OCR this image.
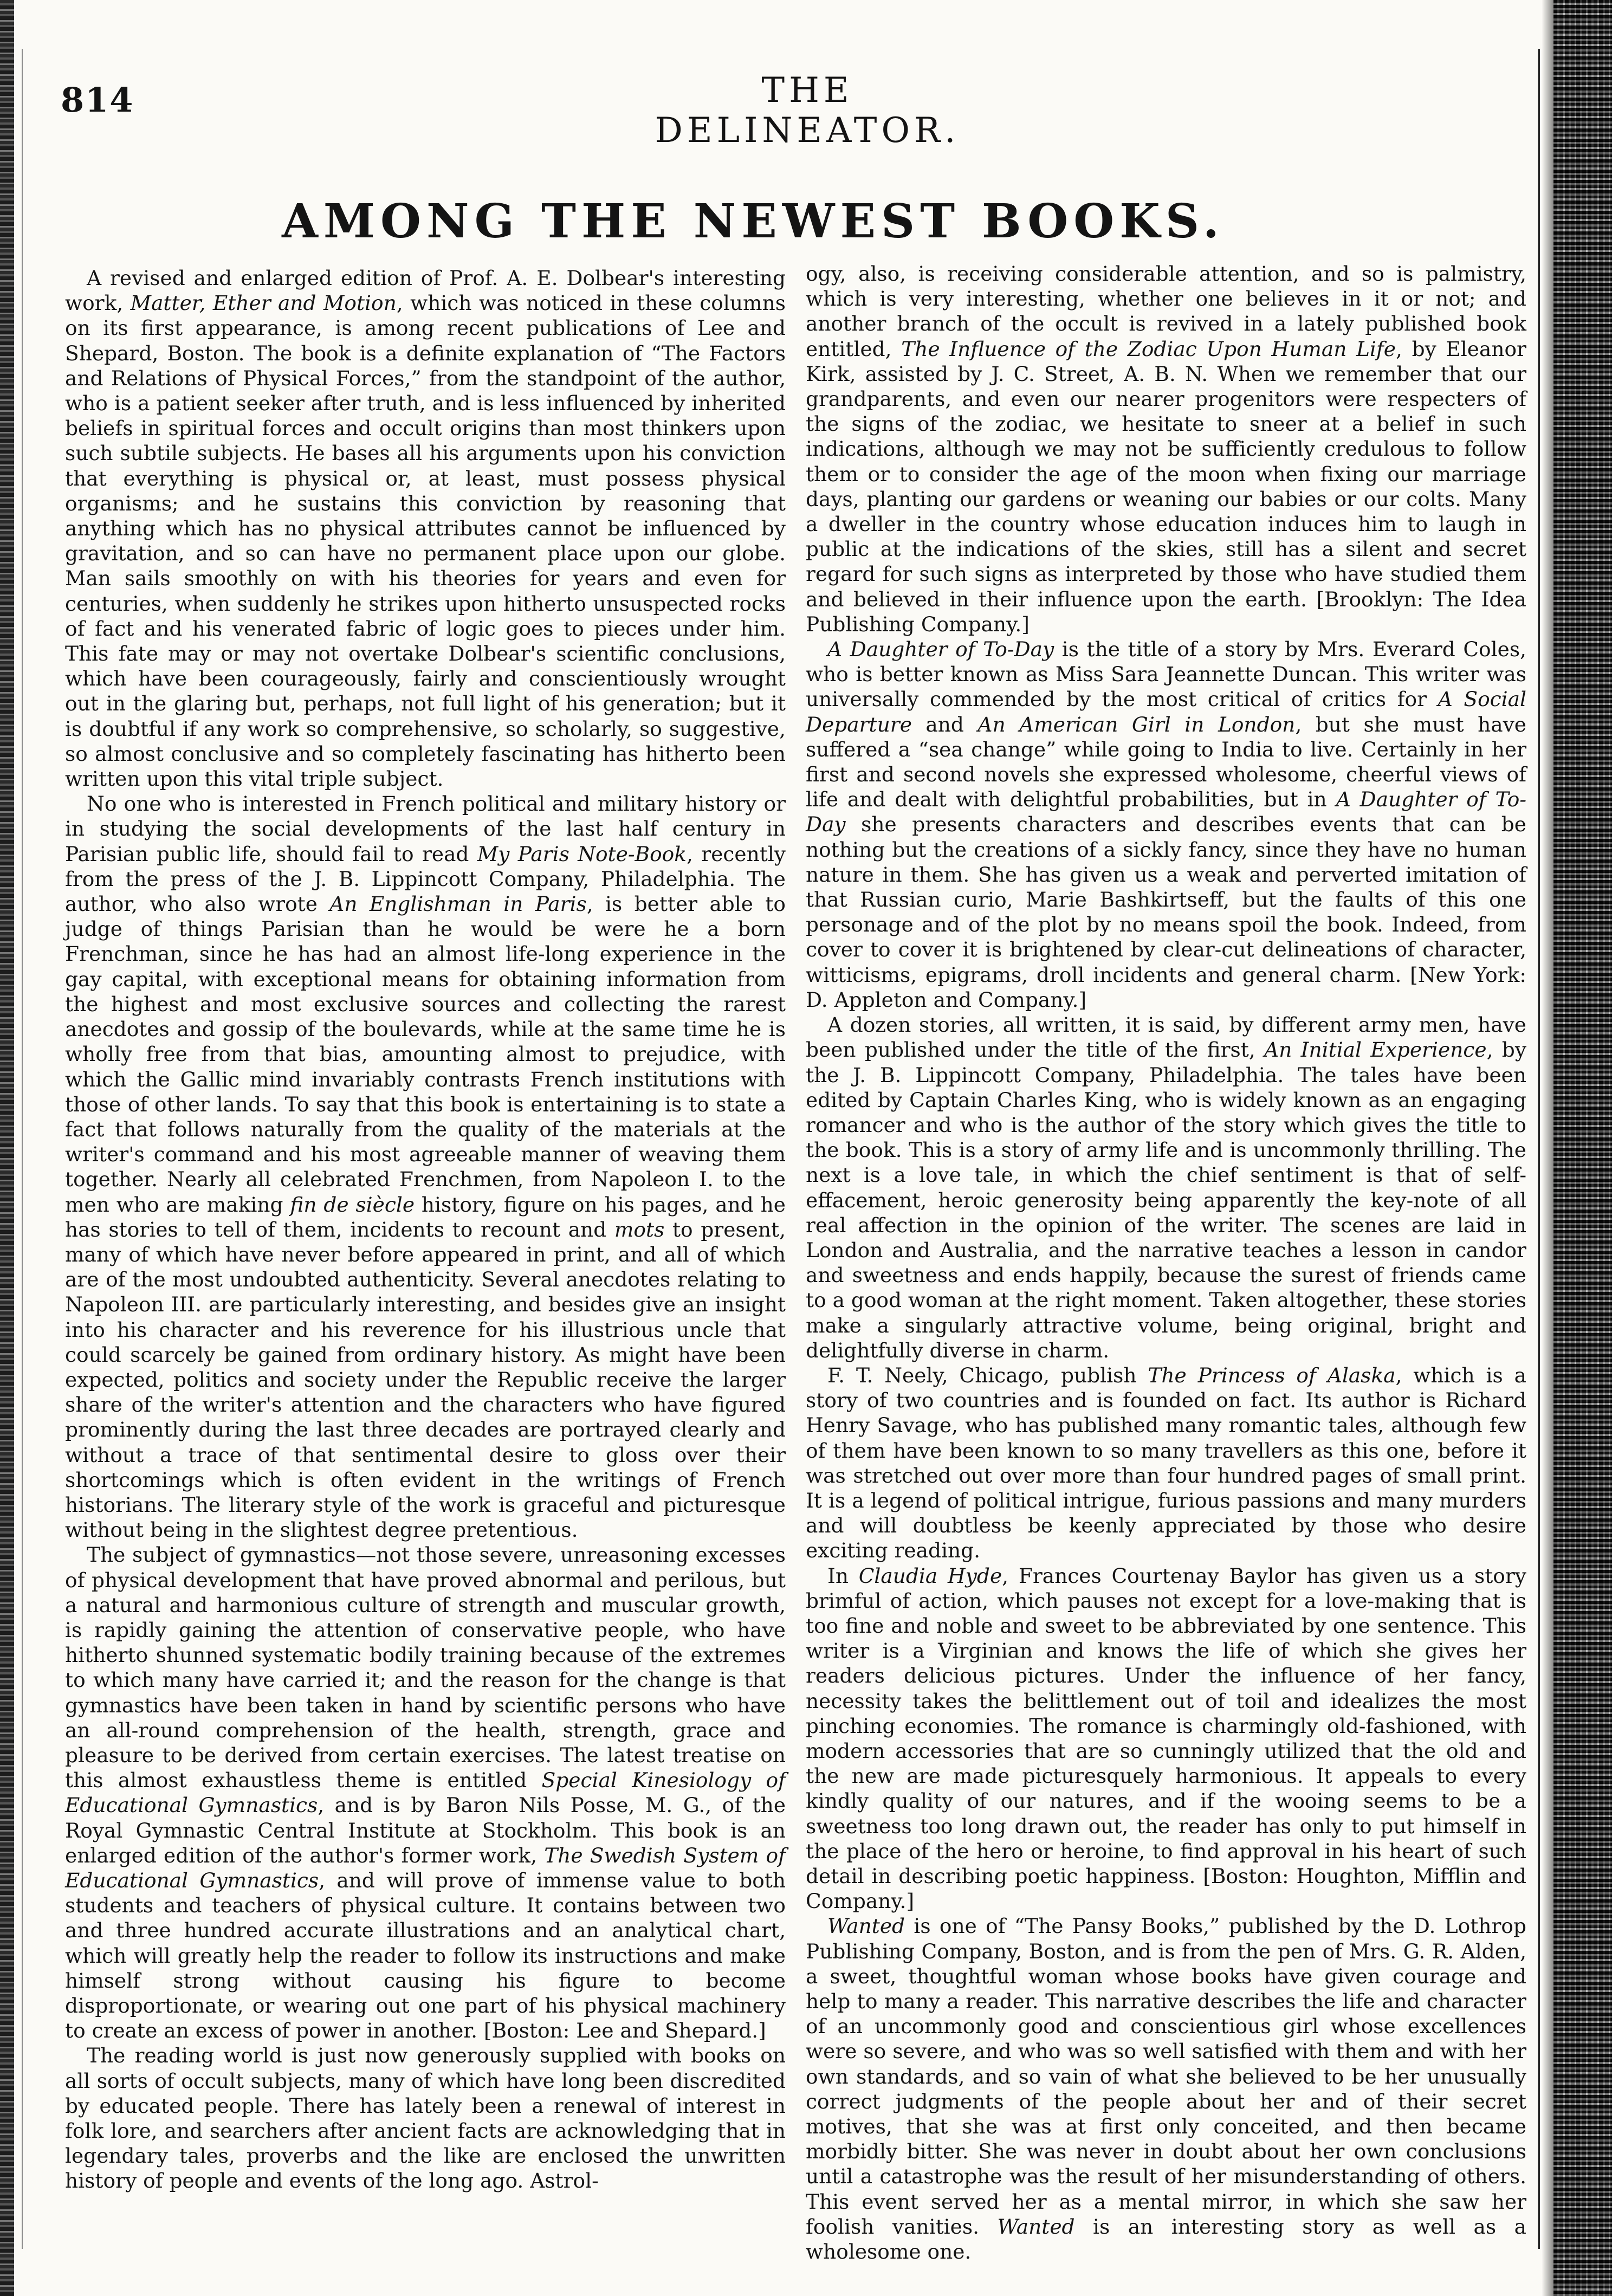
814	THE DELINEATOR.
AMONG THE NEWEST BOOKS.

A revised and enlarged edition of Prof. A. E. Dolbear's interesting work, Matter, Ether and Motion, which was noticed in these columns on its first appearance, is among recent publications of Lee and Shepard, Boston. The book is a definite explanation of “The Factors and Relations of Physical Forces,” from the standpoint of the author, who is a patient seeker after truth, and is less influenced by inherited beliefs in spiritual forces and occult origins than most thinkers upon such subtile subjects. He bases all his arguments upon his conviction that everything is physical or, at least, must possess physical organisms; and he sustains this conviction by reasoning that anything which has no physical attributes cannot be influenced by gravitation, and so can have no permanent place upon our globe. Man sails smoothly on with his theories for years and even for centuries, when suddenly he strikes upon hitherto unsuspected rocks of fact and his venerated fabric of logic goes to pieces under him. This fate may or may not overtake Dolbear's scientific conclusions, which have been courageously, fairly and conscientiously wrought out in the glaring but, perhaps, not full light of his generation; but it is doubtful if any work so comprehensive, so scholarly, so suggestive, so almost conclusive and so completely fascinating has hitherto been written upon this vital triple subject.

No one who is interested in French political and military history or in studying the social developments of the last half century in Parisian public life, should fail to read My Paris Note-Book, recently from the press of the J. B. Lippincott Company, Philadelphia. The author, who also wrote An Englishman in Paris, is better able to judge of things Parisian than he would be were he a born Frenchman, since he has had an almost life-long experience in the gay capital, with exceptional means for obtaining information from the highest and most exclusive sources and collecting the rarest anecdotes and gossip of the boulevards, while at the same time he is wholly free from that bias, amounting almost to prejudice, with which the Gallic mind invariably contrasts French institutions with those of other lands. To say that this book is entertaining is to state a fact that follows naturally from the quality of the materials at the writer's command and his most agreeable manner of weaving them together. Nearly all celebrated Frenchmen, from Napoleon I. to the men who are making fin de siècle history, figure on his pages, and he has stories to tell of them, incidents to recount and mots to present, many of which have never before appeared in print, and all of which are of the most undoubted authenticity. Several anecdotes relating to Napoleon III. are particularly interesting, and besides give an insight into his character and his reverence for his illustrious uncle that could scarcely be gained from ordinary history. As might have been expected, politics and society under the Republic receive the larger share of the writer's attention and the characters who have figured prominently during the last three decades are portrayed clearly and without a trace of that sentimental desire to gloss over their shortcomings which is often evident in the writings of French historians. The literary style of the work is graceful and picturesque without being in the slightest degree pretentious.

The subject of gymnastics—not those severe, unreasoning excesses of physical development that have proved abnormal and perilous, but a natural and harmonious culture of strength and muscular growth, is rapidly gaining the attention of conservative people, who have hitherto shunned systematic bodily training because of the extremes to which many have carried it; and the reason for the change is that gymnastics have been taken in hand by scientific persons who have an all-round comprehension of the health, strength, grace and pleasure to be derived from certain exercises. The latest treatise on this almost exhaustless theme is entitled Special Kinesiology of Educational Gymnastics, and is by Baron Nils Posse, M. G., of the Royal Gymnastic Central Institute at Stockholm. This book is an enlarged edition of the author's former work, The Swedish System of Educational Gymnastics, and will prove of immense value to both students and teachers of physical culture. It contains between two and three hundred accurate illustrations and an analytical chart, which will greatly help the reader to follow its instructions and make himself strong without causing his figure to become disproportionate, or wearing out one part of his physical machinery to create an excess of power in another. [Boston: Lee and Shepard.]

The reading world is just now generously supplied with books on all sorts of occult subjects, many of which have long been discredited by educated people. There has lately been a renewal of interest in folk lore, and searchers after ancient facts are acknowledging that in legendary tales, proverbs and the like are enclosed the unwritten history of people and events of the long ago. Astrol-

ogy, also, is receiving considerable attention, and so is palmistry, which is very interesting, whether one believes in it or not; and another branch of the occult is revived in a lately published book entitled, The Influence of the Zodiac Upon Human Life, by Eleanor Kirk, assisted by J. C. Street, A. B. N. When we remember that our grandparents, and even our nearer progenitors were respecters of the signs of the zodiac, we hesitate to sneer at a belief in such indications, although we may not be sufficiently credulous to follow them or to consider the age of the moon when fixing our marriage days, planting our gardens or weaning our babies or our colts. Many a dweller in the country whose education induces him to laugh in public at the indications of the skies, still has a silent and secret regard for such signs as interpreted by those who have studied them and believed in their influence upon the earth. [Brooklyn: The Idea Publishing Company.]

A Daughter of To-Day is the title of a story by Mrs. Everard Coles, who is better known as Miss Sara Jeannette Duncan. This writer was universally commended by the most critical of critics for A Social Departure and An American Girl in London, but she must have suffered a “sea change” while going to India to live. Certainly in her first and second novels she expressed wholesome, cheerful views of life and dealt with delightful probabilities, but in A Daughter of To-Day she presents characters and describes events that can be nothing but the creations of a sickly fancy, since they have no human nature in them. She has given us a weak and perverted imitation of that Russian curio, Marie Bashkirtseff, but the faults of this one personage and of the plot by no means spoil the book. Indeed, from cover to cover it is brightened by clear-cut delineations of character, witticisms, epigrams, droll incidents and general charm. [New York: D. Appleton and Company.]

A dozen stories, all written, it is said, by different army men, have been published under the title of the first, An Initial Experience, by the J. B. Lippincott Company, Philadelphia. The tales have been edited by Captain Charles King, who is widely known as an engaging romancer and who is the author of the story which gives the title to the book. This is a story of army life and is uncommonly thrilling. The next is a love tale, in which the chief sentiment is that of self-effacement, heroic generosity being apparently the key-note of all real affection in the opinion of the writer. The scenes are laid in London and Australia, and the narrative teaches a lesson in candor and sweetness and ends happily, because the surest of friends came to a good woman at the right moment. Taken altogether, these stories make a singularly attractive volume, being original, bright and delightfully diverse in charm.

F. T. Neely, Chicago, publish The Princess of Alaska, which is a story of two countries and is founded on fact. Its author is Richard Henry Savage, who has published many romantic tales, although few of them have been known to so many travellers as this one, before it was stretched out over more than four hundred pages of small print. It is a legend of political intrigue, furious passions and many murders and will doubtless be keenly appreciated by those who desire exciting reading.

In Claudia Hyde, Frances Courtenay Baylor has given us a story brimful of action, which pauses not except for a love-making that is too fine and noble and sweet to be abbreviated by one sentence. This writer is a Virginian and knows the life of which she gives her readers delicious pictures. Under the influence of her fancy, necessity takes the belittlement out of toil and idealizes the most pinching economies. The romance is charmingly old-fashioned, with modern accessories that are so cunningly utilized that the old and the new are made picturesquely harmonious. It appeals to every kindly quality of our natures, and if the wooing seems to be a sweetness too long drawn out, the reader has only to put himself in the place of the hero or heroine, to find approval in his heart of such detail in describing poetic happiness. [Boston: Houghton, Mifflin and Company.]

Wanted is one of “The Pansy Books,” published by the D. Lothrop Publishing Company, Boston, and is from the pen of Mrs. G. R. Alden, a sweet, thoughtful woman whose books have given courage and help to many a reader. This narrative describes the life and character of an uncommonly good and conscientious girl whose excellences were so severe, and who was so well satisfied with them and with her own standards, and so vain of what she believed to be her unusually correct judgments of the people about her and of their secret motives, that she was at first only conceited, and then became morbidly bitter. She was never in doubt about her own conclusions until a catastrophe was the result of her misunderstanding of others. This event served her as a mental mirror, in which she saw her foolish vanities. Wanted is an interesting story as well as a wholesome one.
